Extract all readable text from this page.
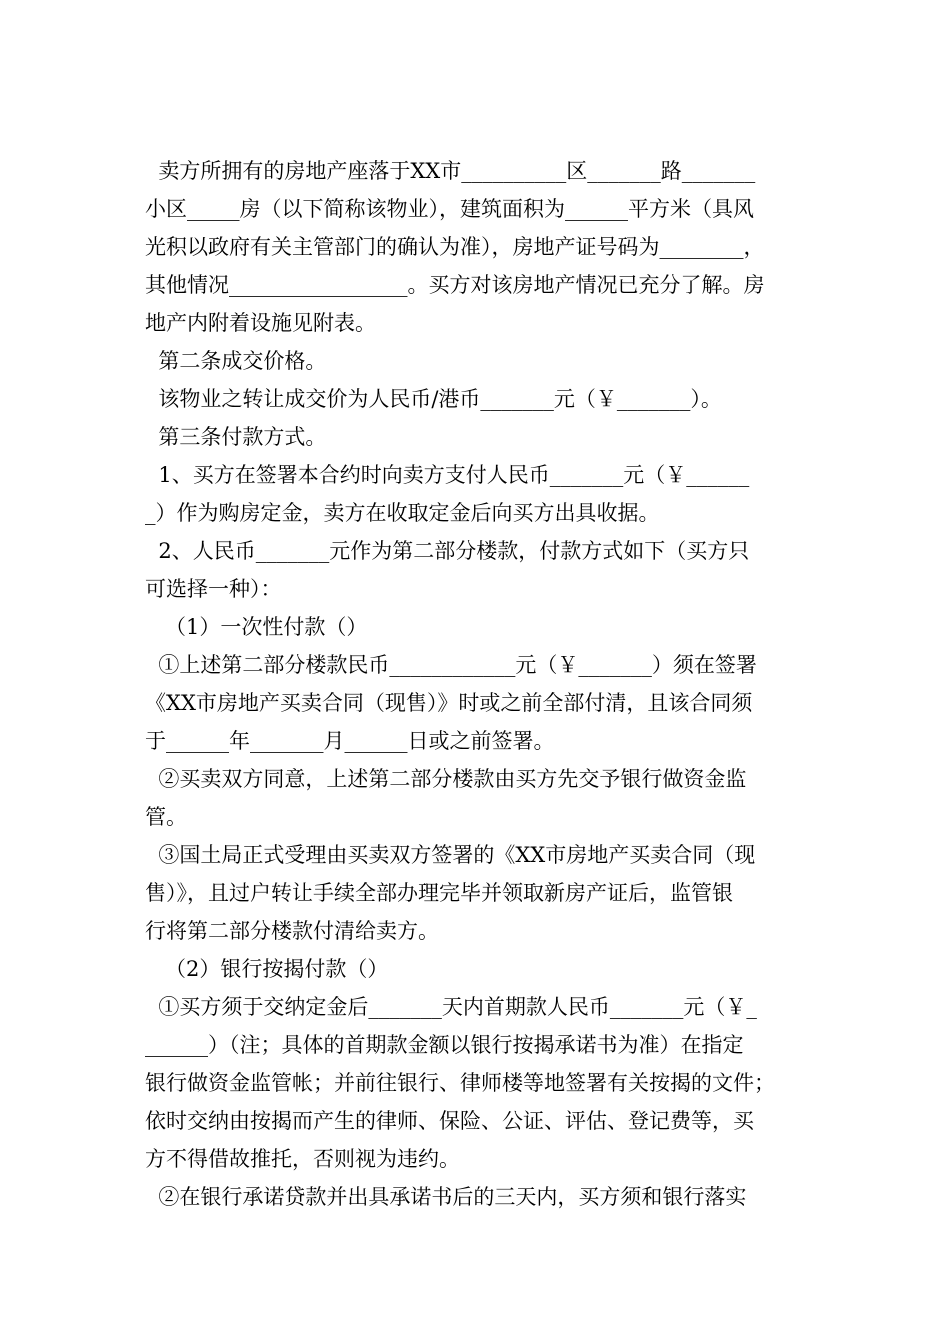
卖方所拥有的房地产座落于XX市__________区_______路_______
小区_____房（以下简称该物业），建筑面积为______平方米（具风
光积以政府有关主管部门的确认为准），房地产证号码为________，
其他情况_________________。买方对该房地产情况已充分了解。房
地产内附着设施见附表。
第二条成交价格。
该物业之转让成交价为人民币/港币_______元（￥_______）。
第三条付款方式。
1、买方在签署本合约时向卖方支付人民币_______元（￥______
_）作为购房定金，卖方在收取定金后向买方出具收据。
2、人民币_______元作为第二部分楼款，付款方式如下（买方只
可选择一种）：
（1）一次性付款（）
①上述第二部分楼款民币____________元（￥_______）须在签署
《XX市房地产买卖合同（现售）》时或之前全部付清，且该合同须
于______年_______月______日或之前签署。
②买卖双方同意，上述第二部分楼款由买方先交予银行做资金监
管。
③国土局正式受理由买卖双方签署的《XX市房地产买卖合同（现
售）》，且过户转让手续全部办理完毕并领取新房产证后，监管银
行将第二部分楼款付清给卖方。
（2）银行按揭付款（）
①买方须于交纳定金后_______天内首期款人民币_______元（￥_
______）（注；具体的首期款金额以银行按揭承诺书为准）在指定
银行做资金监管帐；并前往银行、律师楼等地签署有关按揭的文件；
依时交纳由按揭而产生的律师、保险、公证、评估、登记费等，买
方不得借故推托，否则视为违约。
②在银行承诺贷款并出具承诺书后的三天内，买方须和银行落实
